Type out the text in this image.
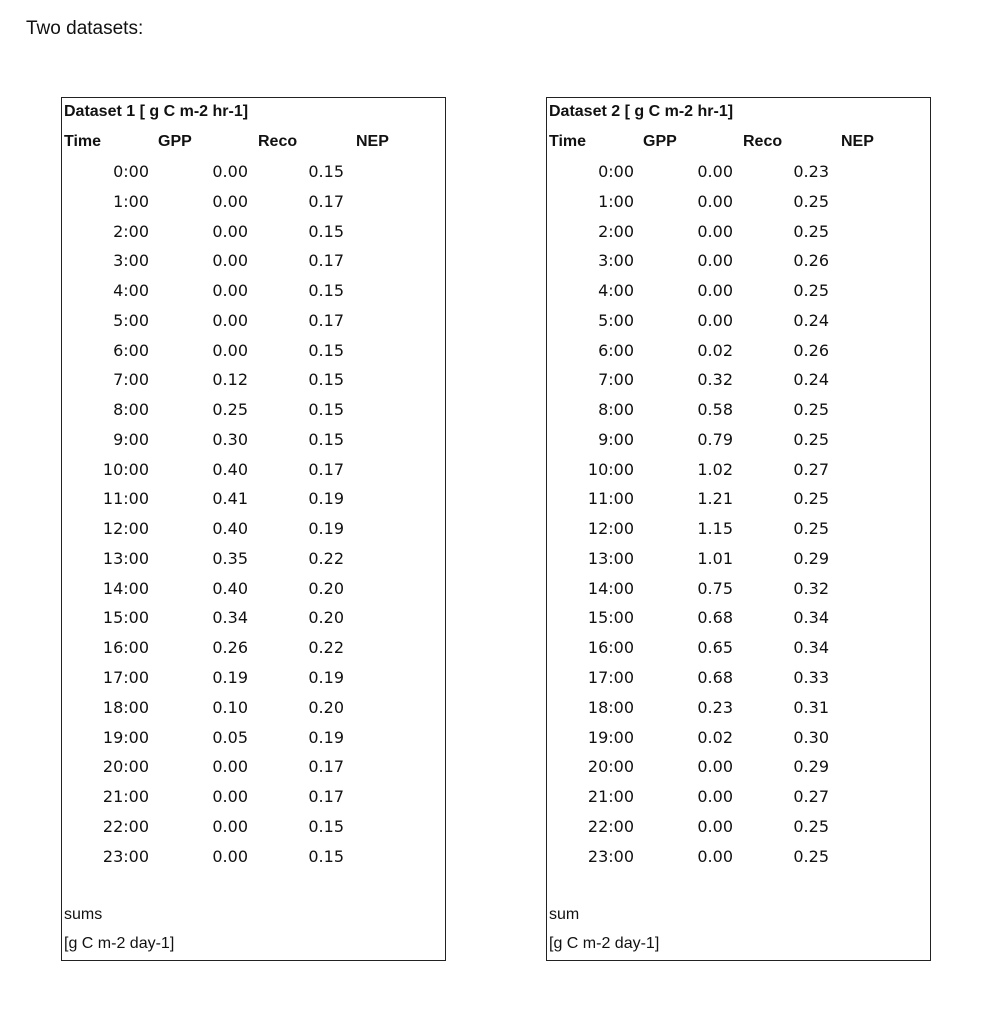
Two datasets:
Dataset 1 [ g C m-2 hr-1]
Time	GPP	Reco	NEP
0:00	0.00	0.15
1:00	0.00	0.17
2:00	0.00	0.15
3:00	0.00	0.17
4:00	0.00	0.15
5:00	0.00	0.17
6:00	0.00	0.15
7:00	0.12	0.15
8:00	0.25	0.15
9:00	0.30	0.15
10:00	0.40	0.17
11:00	0.41	0.19
12:00	0.40	0.19
13:00	0.35	0.22
14:00	0.40	0.20
15:00	0.34	0.20
16:00	0.26	0.22
17:00	0.19	0.19
18:00	0.10	0.20
19:00	0.05	0.19
20:00	0.00	0.17
21:00	0.00	0.17
22:00	0.00	0.15
23:00	0.00	0.15
sums
[g C m-2 day-1]
Dataset 2 [ g C m-2 hr-1]
Time	GPP	Reco	NEP
0:00	0.00	0.23
1:00	0.00	0.25
2:00	0.00	0.25
3:00	0.00	0.26
4:00	0.00	0.25
5:00	0.00	0.24
6:00	0.02	0.26
7:00	0.32	0.24
8:00	0.58	0.25
9:00	0.79	0.25
10:00	1.02	0.27
11:00	1.21	0.25
12:00	1.15	0.25
13:00	1.01	0.29
14:00	0.75	0.32
15:00	0.68	0.34
16:00	0.65	0.34
17:00	0.68	0.33
18:00	0.23	0.31
19:00	0.02	0.30
20:00	0.00	0.29
21:00	0.00	0.27
22:00	0.00	0.25
23:00	0.00	0.25
sum
[g C m-2 day-1]
